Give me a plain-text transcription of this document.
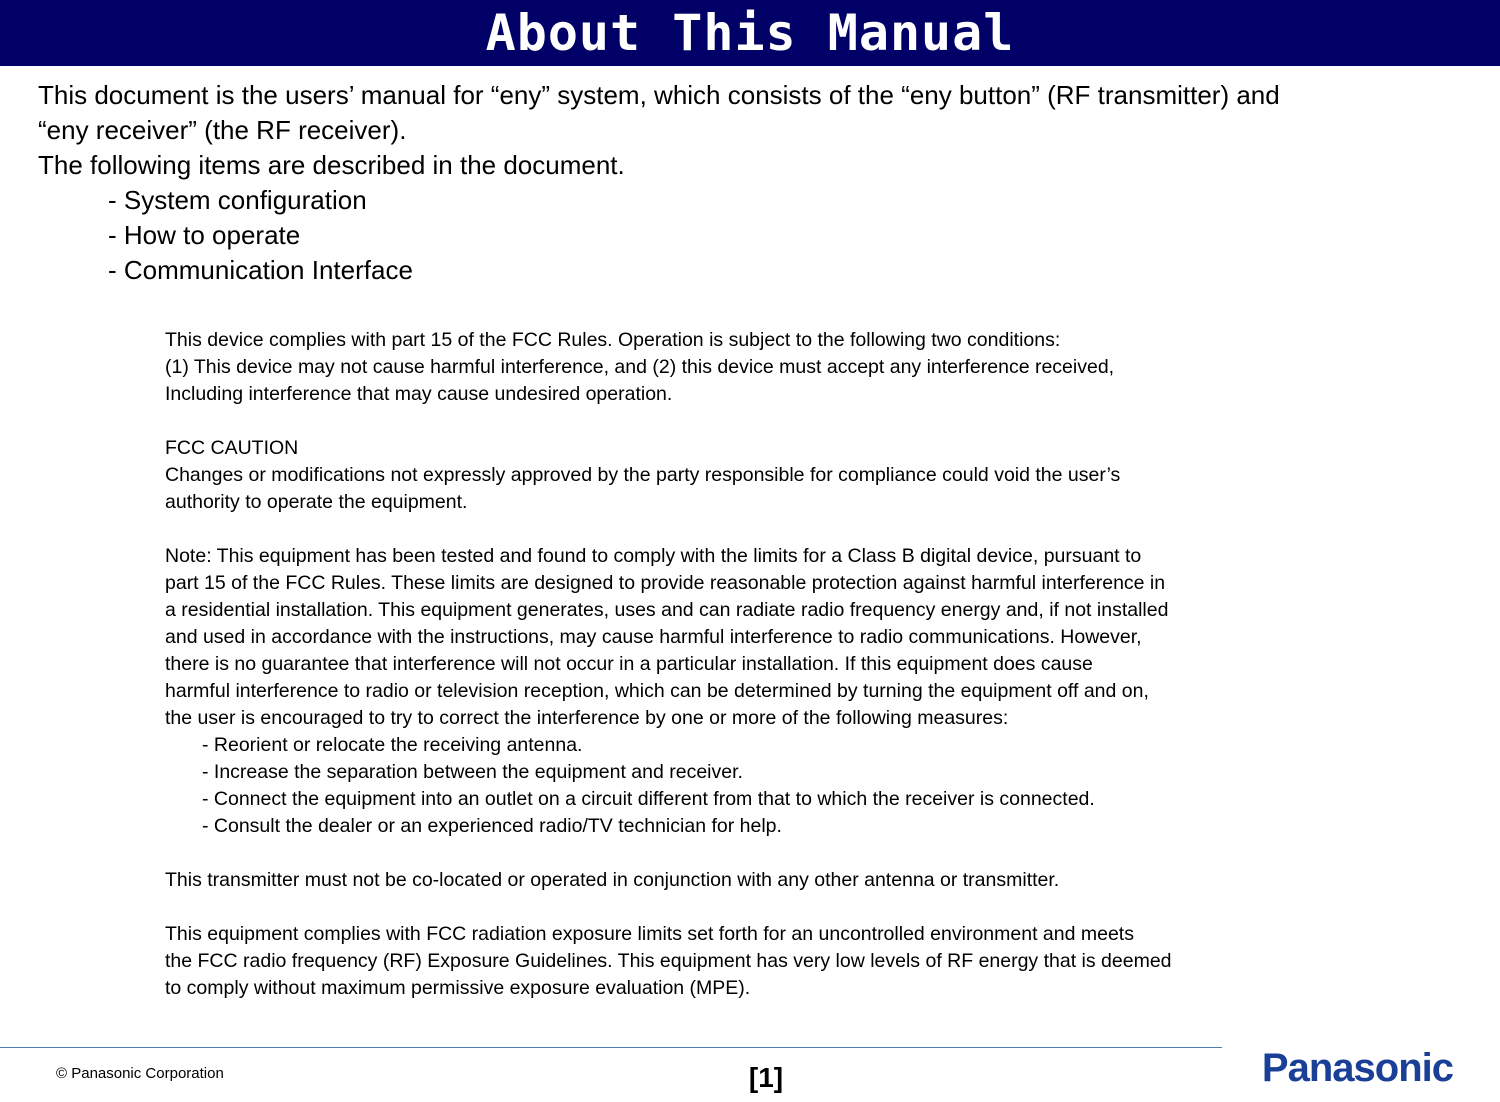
About This Manual
This document is the users’ manual for “eny” system, which consists of the “eny button” (RF transmitter) and
“eny receiver” (the RF receiver).
The following items are described in the document.
- System configuration
- How to operate
- Communication Interface
This device complies with part 15 of the FCC Rules. Operation is subject to the following two conditions:
(1) This device may not cause harmful interference, and (2) this device must accept any interference received,
Including interference that may cause undesired operation.
FCC CAUTION
Changes or modifications not expressly approved by the party responsible for compliance could void the user’s
authority to operate the equipment.
Note: This equipment has been tested and found to comply with the limits for a Class B digital device, pursuant to
part 15 of the FCC Rules. These limits are designed to provide reasonable protection against harmful interference in
a residential installation. This equipment generates, uses and can radiate radio frequency energy and, if not installed
and used in accordance with the instructions, may cause harmful interference to radio communications. However,
there is no guarantee that interference will not occur in a particular installation. If this equipment does cause
harmful interference to radio or television reception, which can be determined by turning the equipment off and on,
the user is encouraged to try to correct the interference by one or more of the following measures:
- Reorient or relocate the receiving antenna.
- Increase the separation between the equipment and receiver.
- Connect the equipment into an outlet on a circuit different from that to which the receiver is connected.
- Consult the dealer or an experienced radio/TV technician for help.
This transmitter must not be co-located or operated in conjunction with any other antenna or transmitter.
This equipment complies with FCC radiation exposure limits set forth for an uncontrolled environment and meets
the FCC radio frequency (RF) Exposure Guidelines. This equipment has very low levels of RF energy that is deemed
to comply without maximum permissive exposure evaluation (MPE).
© Panasonic Corporation	[1]	Panasonic
